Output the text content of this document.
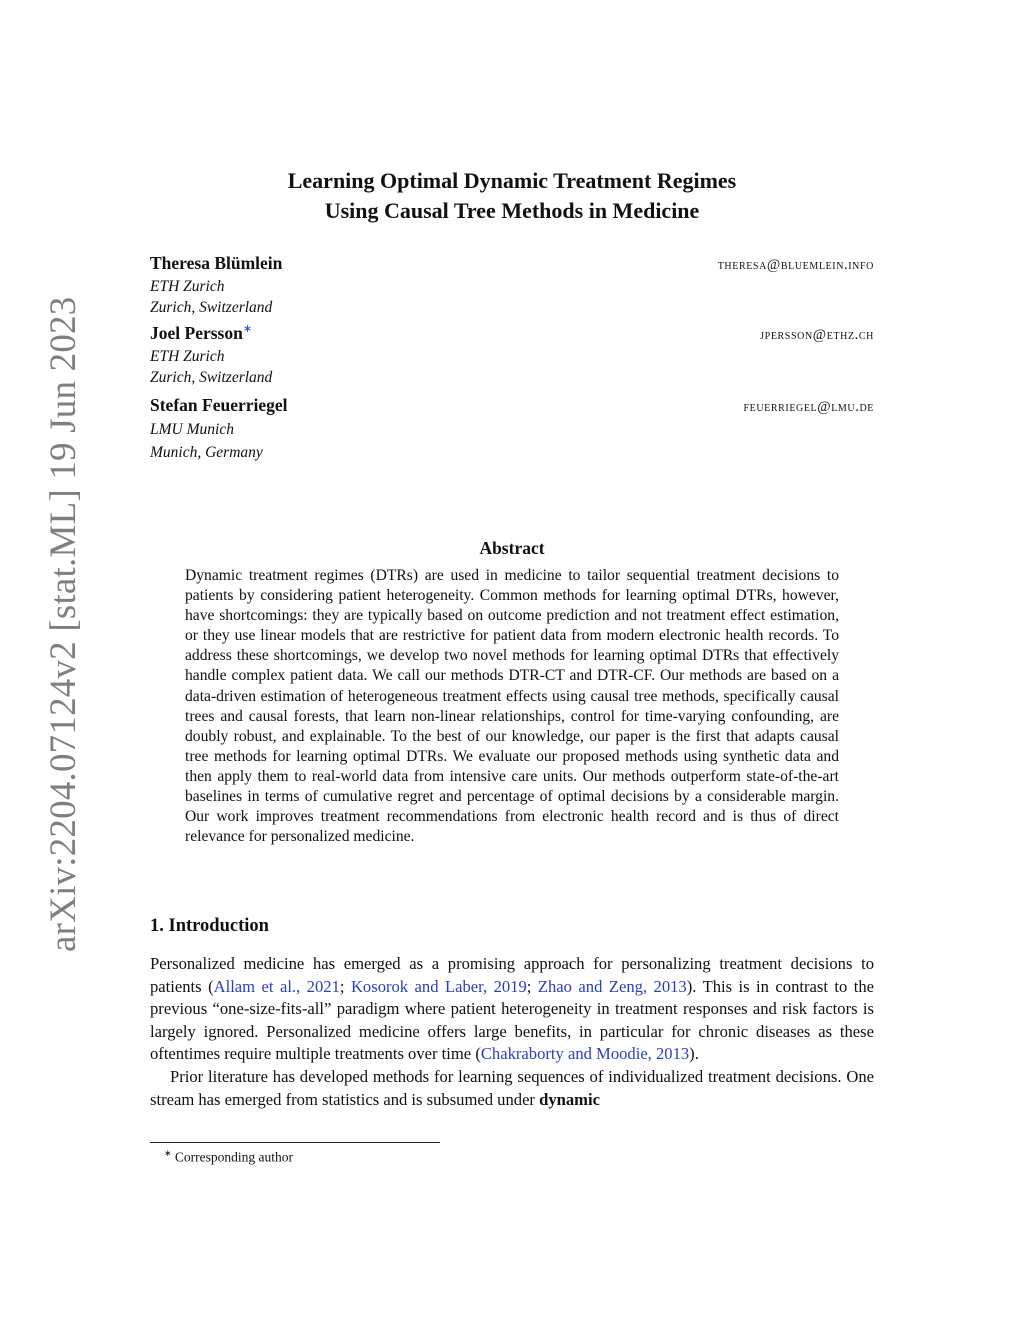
arXiv:2204.07124v2 [stat.ML] 19 Jun 2023
Learning Optimal Dynamic Treatment Regimes
Using Causal Tree Methods in Medicine
Theresa Blümlein	theresa@bluemlein.info
ETH Zurich
Zurich, Switzerland
Joel Persson∗	jpersson@ethz.ch
ETH Zurich
Zurich, Switzerland
Stefan Feuerriegel	feuerriegel@lmu.de
LMU Munich
Munich, Germany
Abstract
Dynamic treatment regimes (DTRs) are used in medicine to tailor sequential treatment decisions to patients by considering patient heterogeneity. Common methods for learning optimal DTRs, however, have shortcomings: they are typically based on outcome prediction and not treatment effect estimation, or they use linear models that are restrictive for patient data from modern electronic health records. To address these shortcomings, we develop two novel methods for learning optimal DTRs that effectively handle complex patient data. We call our methods DTR-CT and DTR-CF. Our methods are based on a data-driven estimation of heterogeneous treatment effects using causal tree methods, specifically causal trees and causal forests, that learn non-linear relationships, control for time-varying confounding, are doubly robust, and explainable. To the best of our knowledge, our paper is the first that adapts causal tree methods for learning optimal DTRs. We evaluate our proposed methods using synthetic data and then apply them to real-world data from intensive care units. Our methods outperform state-of-the-art baselines in terms of cumulative regret and percentage of optimal decisions by a considerable margin. Our work improves treatment recommendations from electronic health record and is thus of direct relevance for personalized medicine.
1. Introduction

Personalized medicine has emerged as a promising approach for personalizing treatment decisions to patients (Allam et al., 2021; Kosorok and Laber, 2019; Zhao and Zeng, 2013). This is in contrast to the previous “one-size-fits-all” paradigm where patient heterogeneity in treatment responses and risk factors is largely ignored. Personalized medicine offers large benefits, in particular for chronic diseases as these oftentimes require multiple treatments over time (Chakraborty and Moodie, 2013).

Prior literature has developed methods for learning sequences of individualized treatment decisions. One stream has emerged from statistics and is subsumed under dynamic

∗ Corresponding author
